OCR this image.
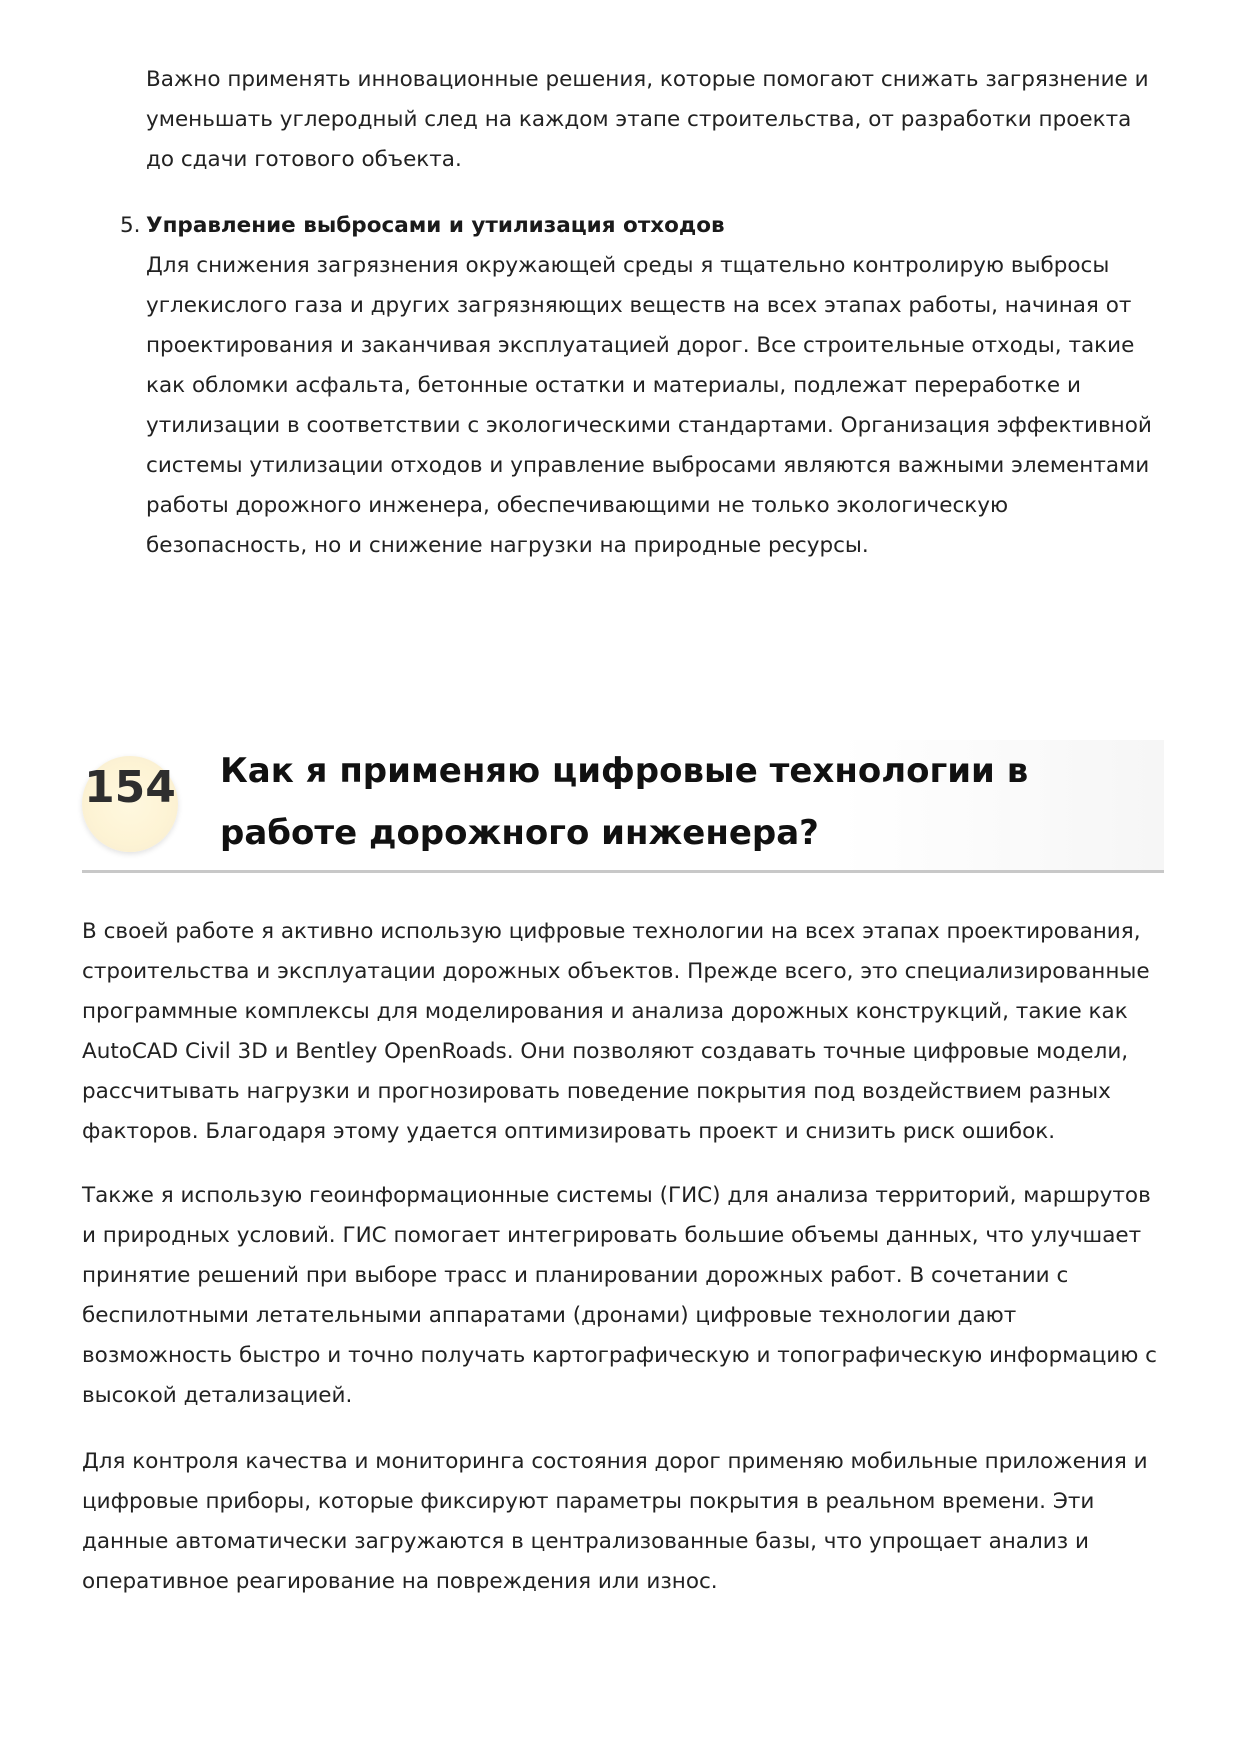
Важно применять инновационные решения, которые помогают снижать загрязнение и уменьшать углеродный след на каждом этапе строительства, от разработки проекта до сдачи готового объекта.

5. Управление выбросами и утилизация отходов

Для снижения загрязнения окружающей среды я тщательно контролирую выбросы углекислого газа и других загрязняющих веществ на всех этапах работы, начиная от проектирования и заканчивая эксплуатацией дорог. Все строительные отходы, такие как обломки асфальта, бетонные остатки и материалы, подлежат переработке и утилизации в соответствии с экологическими стандартами. Организация эффективной системы утилизации отходов и управление выбросами являются важными элементами работы дорожного инженера, обеспечивающими не только экологическую безопасность, но и снижение нагрузки на природные ресурсы.

154 Как я применяю цифровые технологии в работе дорожного инженера?

В своей работе я активно использую цифровые технологии на всех этапах проектирования, строительства и эксплуатации дорожных объектов. Прежде всего, это специализированные программные комплексы для моделирования и анализа дорожных конструкций, такие как AutoCAD Civil 3D и Bentley OpenRoads. Они позволяют создавать точные цифровые модели, рассчитывать нагрузки и прогнозировать поведение покрытия под воздействием разных факторов. Благодаря этому удается оптимизировать проект и снизить риск ошибок.

Также я использую геоинформационные системы (ГИС) для анализа территорий, маршрутов и природных условий. ГИС помогает интегрировать большие объемы данных, что улучшает принятие решений при выборе трасс и планировании дорожных работ. В сочетании с беспилотными летательными аппаратами (дронами) цифровые технологии дают возможность быстро и точно получать картографическую и топографическую информацию с высокой детализацией.

Для контроля качества и мониторинга состояния дорог применяю мобильные приложения и цифровые приборы, которые фиксируют параметры покрытия в реальном времени. Эти данные автоматически загружаются в централизованные базы, что упрощает анализ и оперативное реагирование на повреждения или износ.
